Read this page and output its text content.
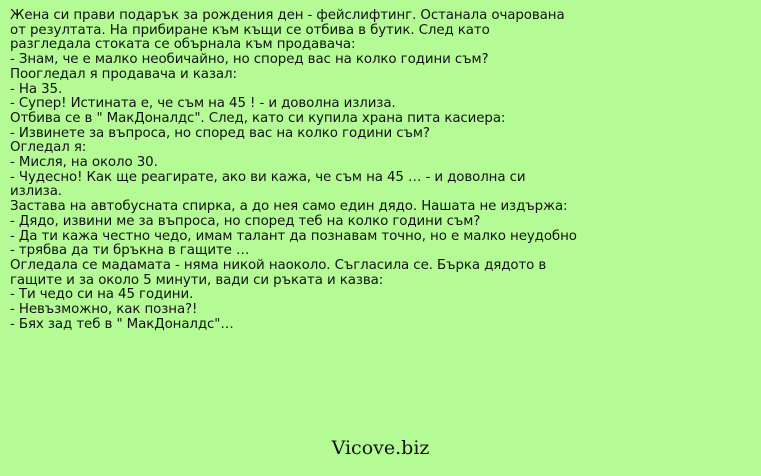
Жена си прави подарък за рождения ден - фейслифтинг. Останала очарована
от резултата. На прибиране към къщи се отбива в бутик. След като
разгледала стоката се обърнала към продавача:
- Знам, че е малко необичайно, но според вас на колко години съм?
Поогледал я продавача и казал:
- На 35.
- Супер! Истината е, че съм на 45 ! - и доволна излиза.
Отбива се в " МакДоналдс". След, като си купила храна пита касиера:
- Извинете за въпроса, но според вас на колко години съм?
Огледал я:
- Мисля, на около 30.
- Чудесно! Как ще реагирате, ако ви кажа, че съм на 45 … - и доволна си
излиза.
Застава на автобусната спирка, а до нея само един дядо. Нашата не издържа:
- Дядо, извини ме за въпроса, но според теб на колко години съм?
- Да ти кажа честно чедо, имам талант да познавам точно, но е малко неудобно
- трябва да ти бръкна в гащите …
Огледала се мадамата - няма никой наоколо. Съгласила се. Бърка дядото в
гащите и за около 5 минути, вади си ръката и казва:
- Ти чедо си на 45 години.
- Невъзможно, как позна?!
- Бях зад теб в " МакДоналдс"…
Vicove.biz
